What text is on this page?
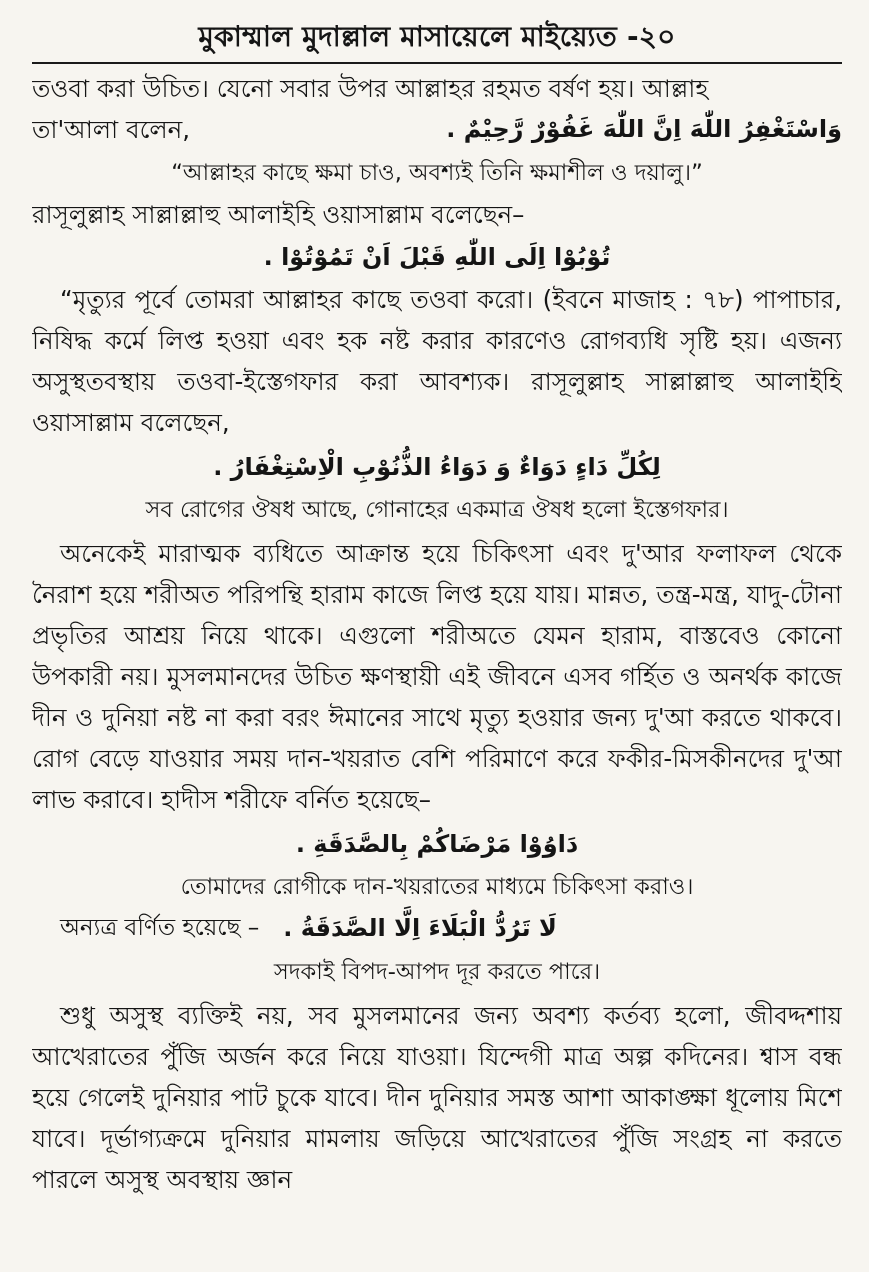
মুকাম্মাল মুদাল্লাল মাসায়েলে মাইয়্যেত -২০

তওবা করা উচিত। যেনো সবার উপর আল্লাহর রহমত বর্ষণ হয়। আল্লাহ

তা'আলা বলেন,	وَاسْتَغْفِرُ اللّٰهَ اِنَّ اللّٰهَ غَفُوْرٌ رَّحِيْمٌ .

“আল্লাহর কাছে ক্ষমা চাও, অবশ্যই তিনি ক্ষমাশীল ও দয়ালু।”

রাসূলুল্লাহ সাল্লাল্লাহু আলাইহি ওয়াসাল্লাম বলেছেন–

تُوْبُوْا اِلَى اللّٰهِ قَبْلَ اَنْ تَمُوْتُوْا .

“মৃত্যুর পূর্বে তোমরা আল্লাহর কাছে তওবা করো। (ইবনে মাজাহ : ৭৮) পাপাচার, নিষিদ্ধ কর্মে লিপ্ত হওয়া এবং হক নষ্ট করার কারণেও রোগব্যধি সৃষ্টি হয়। এজন্য অসুস্থতবস্থায় তওবা-ইস্তেগফার করা আবশ্যক। রাসূলুল্লাহ সাল্লাল্লাহু আলাইহি ওয়াসাল্লাম বলেছেন,

لِكُلِّ دَاءٍ دَوَاءٌ وَ دَوَاءُ الذُّنُوْبِ الْاِسْتِغْفَارُ .

সব রোগের ঔষধ আছে, গোনাহের একমাত্র ঔষধ হলো ইস্তেগফার।

অনেকেই মারাত্মক ব্যধিতে আক্রান্ত হয়ে চিকিৎসা এবং দু'আর ফলাফল থেকে নৈরাশ হয়ে শরীঅত পরিপন্থি হারাম কাজে লিপ্ত হয়ে যায়। মান্নত, তন্ত্র-মন্ত্র, যাদু-টোনা প্রভৃতির আশ্রয় নিয়ে থাকে। এগুলো শরীঅতে যেমন হারাম, বাস্তবেও কোনো উপকারী নয়। মুসলমানদের উচিত ক্ষণস্থায়ী এই জীবনে এসব গর্হিত ও অনর্থক কাজে দীন ও দুনিয়া নষ্ট না করা বরং ঈমানের সাথে মৃত্যু হওয়ার জন্য দু'আ করতে থাকবে। রোগ বেড়ে যাওয়ার সময় দান-খয়রাত বেশি পরিমাণে করে ফকীর-মিসকীনদের দু'আ লাভ করাবে। হাদীস শরীফে বর্নিত হয়েছে–

دَاوُوْا مَرْضَاكُمْ بِالصَّدَقَةِ .

তোমাদের রোগীকে দান-খয়রাতের মাধ্যমে চিকিৎসা করাও।

অন্যত্র বর্ণিত হয়েছে – لَا تَرُدُّ الْبَلَاءَ اِلَّا الصَّدَقَةُ .

সদকাই বিপদ-আপদ দূর করতে পারে।

শুধু অসুস্থ ব্যক্তিই নয়, সব মুসলমানের জন্য অবশ্য কর্তব্য হলো, জীবদ্দশায় আখেরাতের পুঁজি অর্জন করে নিয়ে যাওয়া। যিন্দেগী মাত্র অল্প কদিনের। শ্বাস বন্ধ হয়ে গেলেই দুনিয়ার পাট চুকে যাবে। দীন দুনিয়ার সমস্ত আশা আকাঙ্ক্ষা ধূলোয় মিশে যাবে। দূর্ভাগ্যক্রমে দুনিয়ার মামলায় জড়িয়ে আখেরাতের পুঁজি সংগ্রহ না করতে পারলে অসুস্থ অবস্থায় জ্ঞান
